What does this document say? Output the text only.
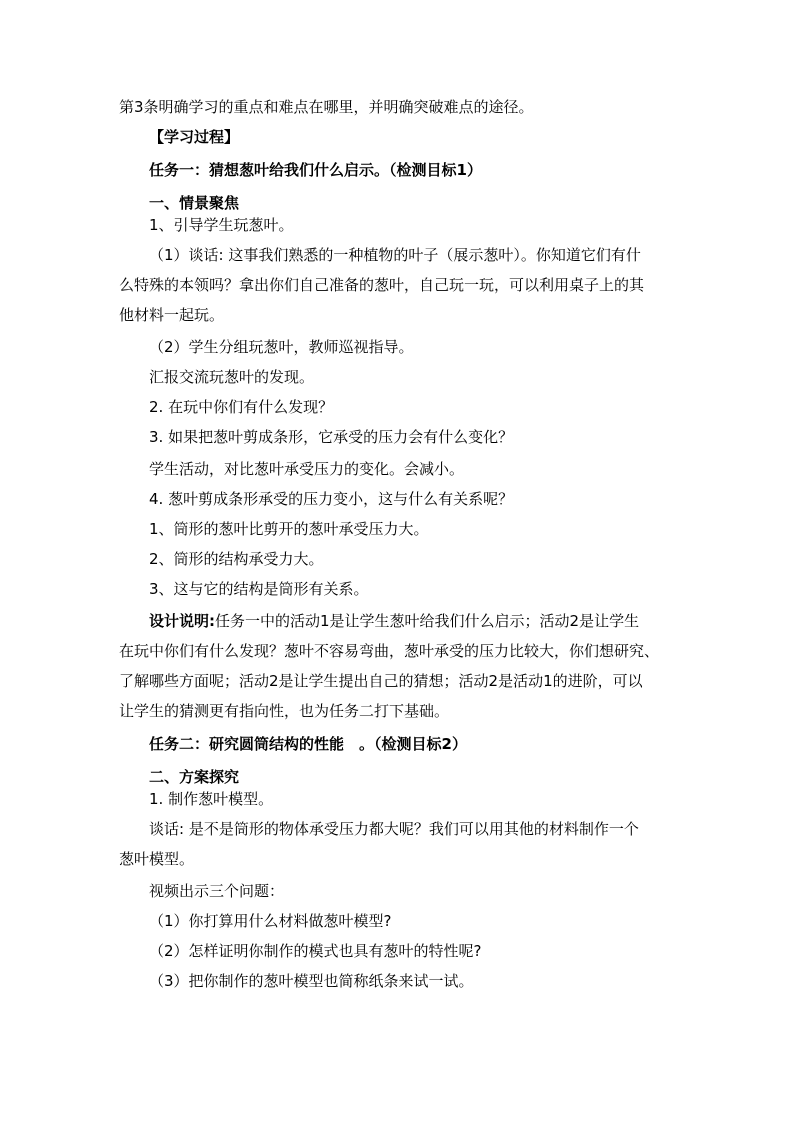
第3条明确学习的重点和难点在哪里，并明确突破难点的途径。

【学习过程】

任务一：猜想葱叶给我们什么启示。（检测目标1）

一、情景聚焦

1、引导学生玩葱叶。

（1）谈话: 这事我们熟悉的一种植物的叶子（展示葱叶）。你知道它们有什

么特殊的本领吗？拿出你们自己准备的葱叶，自己玩一玩，可以利用桌子上的其

他材料一起玩。

（2）学生分组玩葱叶，教师巡视指导。

汇报交流玩葱叶的发现。

2. 在玩中你们有什么发现？

3. 如果把葱叶剪成条形，它承受的压力会有什么变化？

学生活动，对比葱叶承受压力的变化。会减小。

4. 葱叶剪成条形承受的压力变小，这与什么有关系呢？

1、筒形的葱叶比剪开的葱叶承受压力大。

2、筒形的结构承受力大。

3、这与它的结构是筒形有关系。

设计说明:任务一中的活动1是让学生葱叶给我们什么启示；活动2是让学生

在玩中你们有什么发现？葱叶不容易弯曲，葱叶承受的压力比较大，你们想研究、

了解哪些方面呢；活动2是让学生提出自己的猜想；活动2是活动1的进阶，可以

让学生的猜测更有指向性，也为任务二打下基础。

任务二：研究圆筒结构的性能　。（检测目标2）

二、方案探究

1. 制作葱叶模型。

谈话: 是不是筒形的物体承受压力都大呢？我们可以用其他的材料制作一个

葱叶模型。

视频出示三个问题：

（1）你打算用什么材料做葱叶模型?

（2）怎样证明你制作的模式也具有葱叶的特性呢?

（3）把你制作的葱叶模型也简称纸条来试一试。
